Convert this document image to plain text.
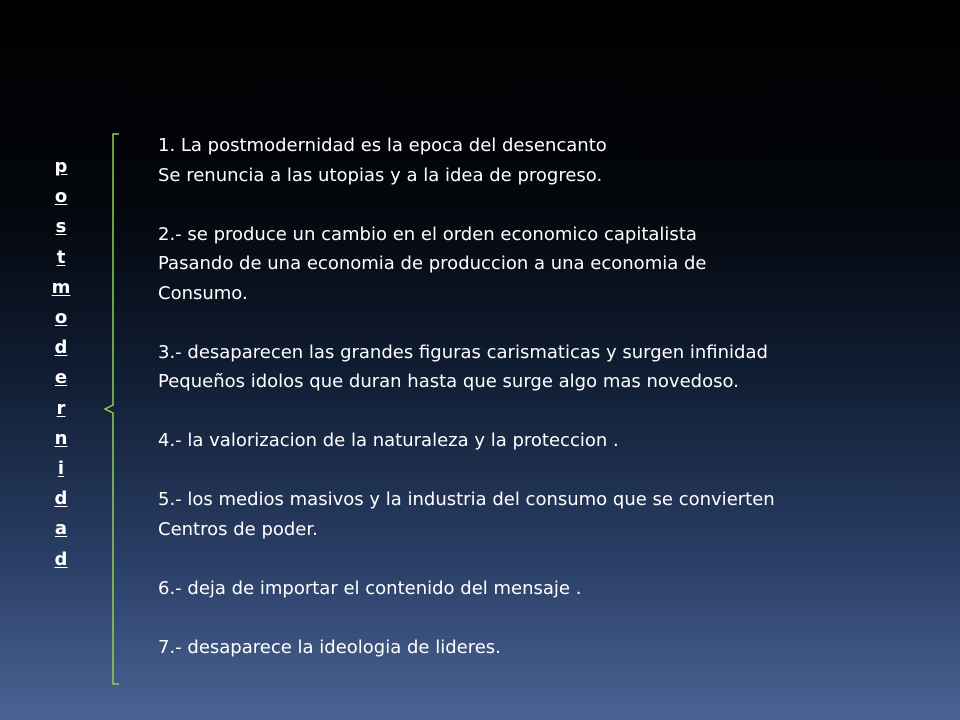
p
o
s
t
m
o
d
e
r
n
i
d
a
d
1. La postmodernidad es la epoca del desencanto
Se renuncia a las utopias y a la idea de progreso.
2.- se produce un cambio en el orden economico capitalista
Pasando de una economia de produccion a una economia de
Consumo.
3.- desaparecen las grandes figuras carismaticas y surgen infinidad
Pequeños idolos que duran hasta que surge algo mas novedoso.
4.- la valorizacion de la naturaleza y la proteccion .
5.- los medios masivos y la industria del consumo que se convierten
Centros de poder.
6.- deja de importar el contenido del mensaje .
7.- desaparece la ideologia de lideres.
